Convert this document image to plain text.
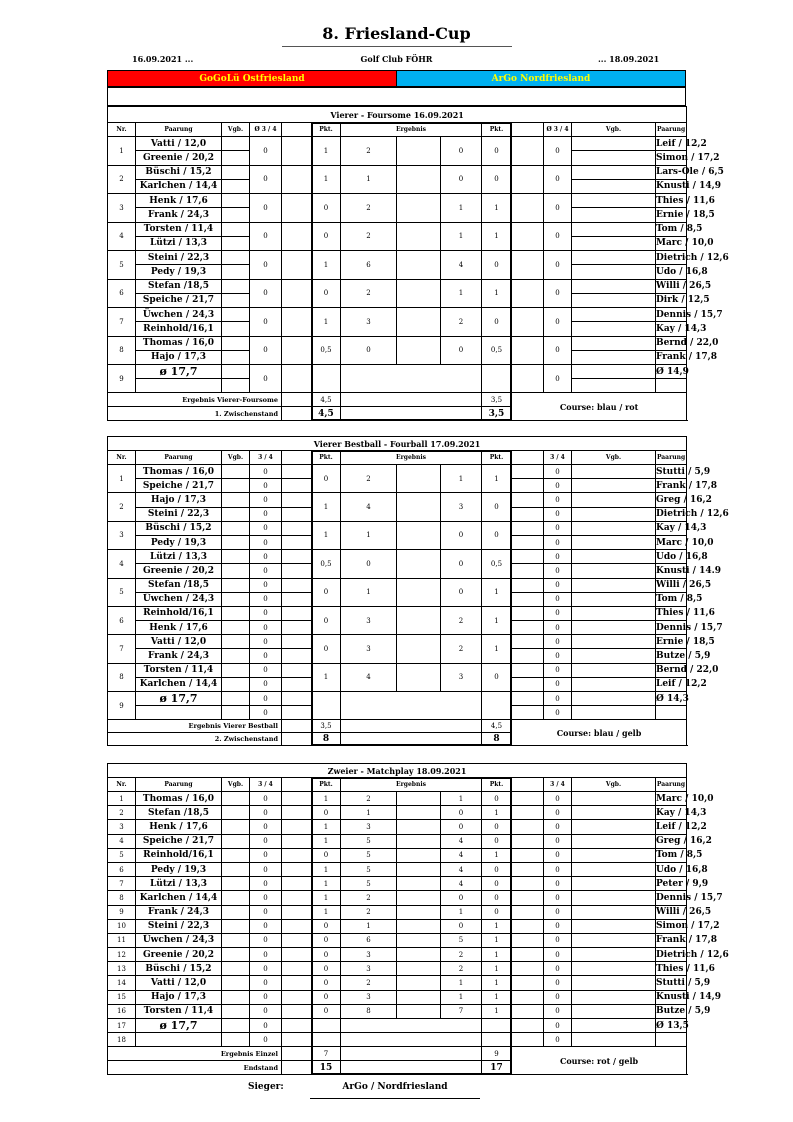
8. Friesland-Cup
16.09.2021 ...	Golf Club FÖHR	... 18.09.2021
GoGoLü Ostfriesland	ArGo Nordfriesland
Vierer - Foursome 16.09.2021														
Nr.	Paarung	Vgb.	Ø 3 / 4		Pkt.	Ergebnis			Pkt.		Ø 3 / 4	Vgb.	Paarung	
1	Vatti / 12,0		0		1	2		0	0		0		Leif / 12,2	
	Greenie / 20,2												Simon / 17,2	
2	Büschi / 15,2		0		1	1		0	0		0		Lars-Ole / 6,5	
	Karlchen / 14,4												Knusti / 14,9	
3	Henk / 17,6		0		0	2		1	1		0		Thies / 11,6	
	Frank / 24,3												Ernie / 18,5	
4	Torsten / 11,4		0		0	2		1	1		0		Tom / 8,5	
	Lützi / 13,3												Marc / 10,0	
5	Steini / 22,3		0		1	6		4	0		0		Dietrich / 12,6	
	Pedy / 19,3												Udo / 16,8	
6	Stefan /18,5		0		0	2		1	1		0		Willi / 26,5	
	Speiche / 21,7												Dirk / 12,5	
7	Üwchen / 24,3		0		1	3		2	0		0		Dennis / 15,7	
	Reinhold/16,1												Kay / 14,3	
8	Thomas / 16,0		0		0,5	0		0	0,5		0		Bernd / 22,0	
	Hajo / 17,3												Frank / 17,8	
9	ø 17,7		0								0		Ø 14,9	

Ergebnis Vierer-Foursome					4,5				3,5	Course: blau / rot				
1. Zwischenstand					4,5				3,5					
Vierer Bestball - Fourball 17.09.2021														
Nr.	Paarung	Vgb.	3 / 4		Pkt.	Ergebnis			Pkt.		3 / 4	Vgb.	Paarung	
1	Thomas / 16,0		0		0	2		1	1		0		Stutti / 5,9	
	Speiche / 21,7		0								0		Frank / 17,8	
2	Hajo / 17,3		0		1	4		3	0		0		Greg / 16,2	
	Steini / 22,3		0								0		Dietrich / 12,6	
3	Büschi / 15,2		0		1	1		0	0		0		Kay / 14,3	
	Pedy / 19,3		0								0		Marc / 10,0	
4	Lützi / 13,3		0		0,5	0		0	0,5		0		Udo / 16,8	
	Greenie / 20,2		0								0		Knusti / 14.9	
5	Stefan /18,5		0		0	1		0	1		0		Willi / 26,5	
	Üwchen / 24,3		0								0		Tom / 8,5	
6	Reinhold/16,1		0		0	3		2	1		0		Thies / 11,6	
	Henk / 17,6		0								0		Dennis / 15,7	
7	Vatti / 12,0		0		0	3		2	1		0		Ernie / 18,5	
	Frank / 24,3		0								0		Butze / 5,9	
8	Torsten / 11,4		0		1	4		3	0		0		Bernd / 22,0	
	Karlchen / 14,4		0								0		Leif / 12,2	
9	ø 17,7		0								0		Ø 14,3	
			0								0			
Ergebnis Vierer Bestball					3,5				4,5	Course: blau / gelb				
2. Zwischenstand					8				8					
Zweier - Matchplay 18.09.2021														
Nr.	Paarung	Vgb.	3 / 4		Pkt.	Ergebnis			Pkt.		3 / 4	Vgb.	Paarung	
1	Thomas / 16,0		0		1	2		1	0		0		Marc / 10,0	
2	Stefan /18,5		0		0	1		0	1		0		Kay / 14,3	
3	Henk / 17,6		0		1	3		0	0		0		Leif / 12,2	
4	Speiche / 21,7		0		1	5		4	0		0		Greg / 16,2	
5	Reinhold/16,1		0		0	5		4	1		0		Tom / 8,5	
6	Pedy / 19,3		0		1	5		4	0		0		Udo / 16,8	
7	Lützi / 13,3		0		1	5		4	0		0		Peter / 9,9	
8	Karlchen / 14,4		0		1	2		0	0		0		Dennis / 15,7	
9	Frank / 24,3		0		1	2		1	0		0		Willi / 26,5	
10	Steini / 22,3		0		0	1		0	1		0		Simon / 17,2	
11	Üwchen / 24,3		0		0	6		5	1		0		Frank / 17,8	
12	Greenie / 20,2		0		0	3		2	1		0		Dietrich / 12,6	
13	Büschi / 15,2		0		0	3		2	1		0		Thies / 11,6	
14	Vatti / 12,0		0		0	2		1	1		0		Stutti / 5,9	
15	Hajo / 17,3		0		0	3		1	1		0		Knusti / 14,9	
16	Torsten / 11,4		0		0	8		7	1		0		Butze / 5,9	
17	ø 17,7		0								0		Ø 13,5	
18			0								0			
Ergebnis Einzel					7				9	Course: rot / gelb				
Endstand					15				17					
Sieger:	ArGo / Nordfriesland
